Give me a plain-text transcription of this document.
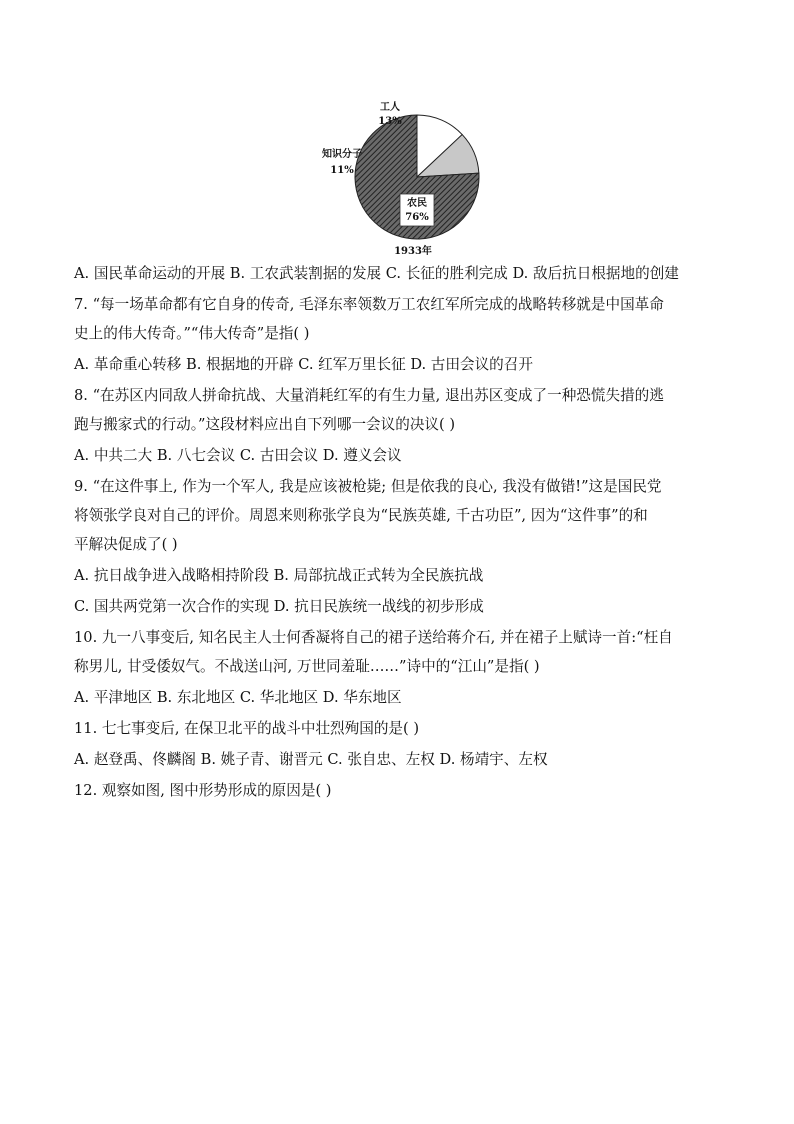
农民
76%
工人
13%
知识分子
11%
1933年
A. 国民革命运动的开展 B. 工农武装割据的发展 C. 长征的胜利完成 D. 敌后抗日根据地的创建
7. “每一场革命都有它自身的传奇, 毛泽东率领数万工农红军所完成的战略转移就是中国革命
史上的伟大传奇。”“伟大传奇”是指( )
A. 革命重心转移 B. 根据地的开辟 C. 红军万里长征 D. 古田会议的召开
8. “在苏区内同敌人拼命抗战、大量消耗红军的有生力量, 退出苏区变成了一种恐慌失措的逃
跑与搬家式的行动。”这段材料应出自下列哪一会议的决议( )
A. 中共二大 B. 八七会议 C. 古田会议 D. 遵义会议
9. “在这件事上, 作为一个军人, 我是应该被枪毙; 但是依我的良心, 我没有做错!”这是国民党
将领张学良对自己的评价。周恩来则称张学良为“民族英雄, 千古功臣”, 因为“这件事”的和
平解决促成了( )
A. 抗日战争进入战略相持阶段 B. 局部抗战正式转为全民族抗战
C. 国共两党第一次合作的实现 D. 抗日民族统一战线的初步形成
10. 九一八事变后, 知名民主人士何香凝将自己的裙子送给蒋介石, 并在裙子上赋诗一首:“枉自
称男儿, 甘受倭奴气。不战送山河, 万世同羞耻……”诗中的“江山”是指( )
A. 平津地区 B. 东北地区 C. 华北地区 D. 华东地区
11. 七七事变后, 在保卫北平的战斗中壮烈殉国的是( )
A. 赵登禹、佟麟阁 B. 姚子青、谢晋元 C. 张自忠、左权 D. 杨靖宇、左权
12. 观察如图, 图中形势形成的原因是( )
